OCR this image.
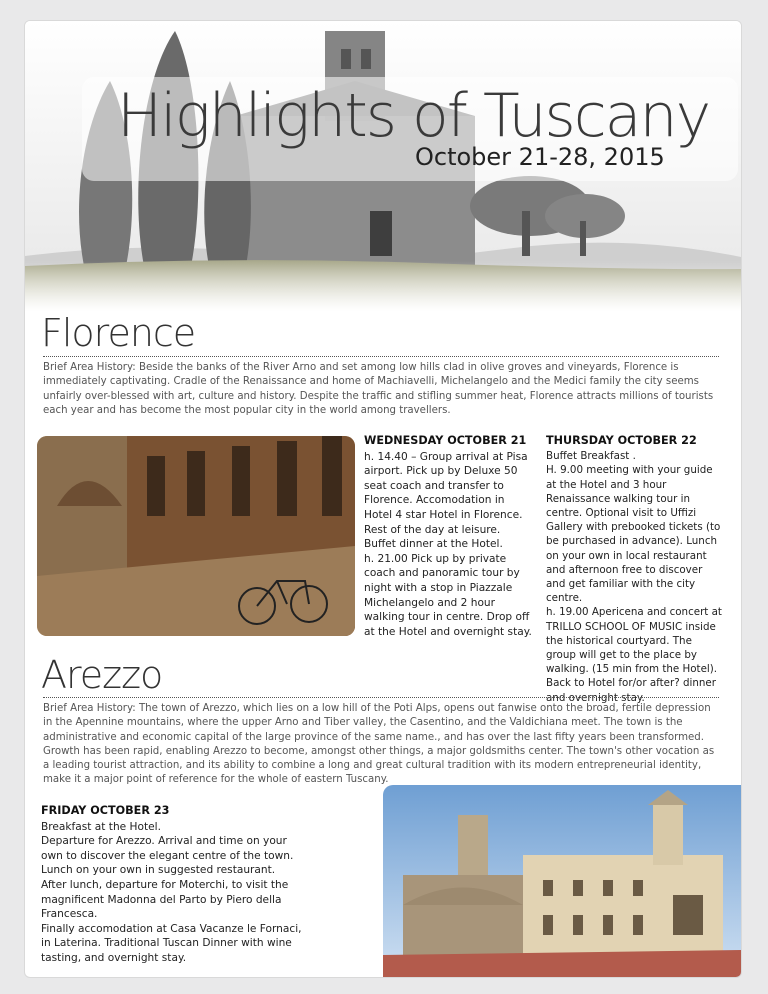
Highlights of Tuscany
October 21-28, 2015
Florence

Brief Area History: Beside the banks of the River Arno and set among low hills clad in olive groves and vineyards, Florence is immediately captivating. Cradle of the Renaissance and home of Machiavelli, Michelangelo and the Medici family the city seems unfairly over-blessed with art, culture and history. Despite the traffic and stifling summer heat, Florence attracts millions of tourists each year and has become the most popular city in the world among travellers.

WEDNESDAY OCTOBER 21

h. 14.40 – Group arrival at Pisa airport. Pick up by Deluxe 50 seat coach and transfer to Florence. Accomodation in Hotel 4 star Hotel in Florence. Rest of the day at leisure. Buffet dinner at the Hotel.

h. 21.00 Pick up by private coach and panoramic tour by night with a stop in Piazzale Michelangelo and 2 hour walking tour in centre. Drop off at the Hotel and overnight stay.

THURSDAY OCTOBER 22

Buffet Breakfast .

H. 9.00 meeting with your guide at the Hotel and 3 hour Renaissance walking tour in centre. Optional visit to Uffizi Gallery with prebooked tickets (to be purchased in advance). Lunch on your own in local restaurant and afternoon free to discover and get familiar with the city centre.

h. 19.00 Apericena and concert at TRILLO SCHOOL OF MUSIC inside the historical courtyard. The group will get to the place by walking. (15 min from the Hotel). Back to Hotel for/or after? dinner and overnight stay.

Arezzo

Brief Area History: The town of Arezzo, which lies on a low hill of the Poti Alps, opens out fanwise onto the broad, fertile depression in the Apennine mountains, where the upper Arno and Tiber valley, the Casentino, and the Valdichiana meet. The town is the administrative and economic capital of the large province of the same name., and has over the last fifty years been transformed. Growth has been rapid, enabling Arezzo to become, amongst other things, a major goldsmiths center. The town's other vocation as a leading tourist attraction, and its ability to combine a long and great cultural tradition with its modern entrepreneurial identity, make it a major point of reference for the whole of eastern Tuscany.

FRIDAY OCTOBER 23

Breakfast at the Hotel.

Departure for Arezzo. Arrival and time on your own to discover the elegant centre of the town. Lunch on your own in suggested restaurant. After lunch, departure for Moterchi, to visit the magnificent Madonna del Parto by Piero della Francesca.

Finally accomodation at Casa Vacanze le Fornaci, in Laterina. Traditional Tuscan Dinner with wine tasting, and overnight stay.
